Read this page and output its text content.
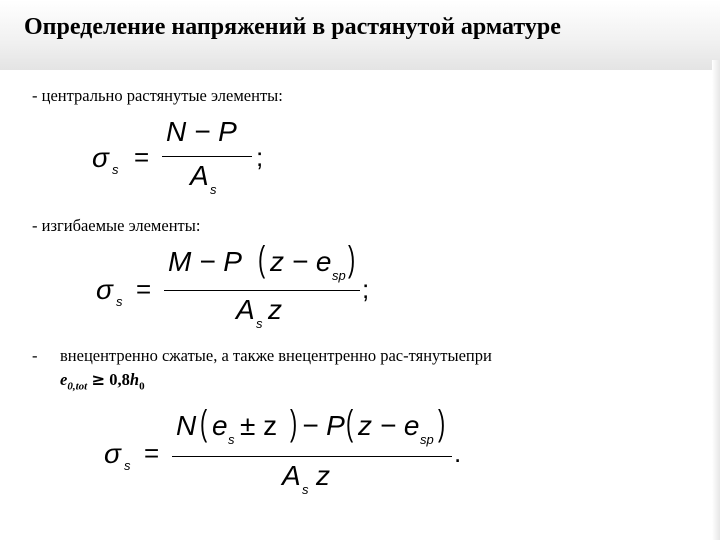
Определение напряжений в растянутой арматуре
- центрально растянутые элементы:
σ s =
N − P
A s
;
- изгибаемые элементы:
σ s =
M − P ( z − e sp )
A s z
;
- внецентренно сжатые, а также внецентренно рас-тянутыепри
$e_{0,tot} \ge 0,8h_0$
σ s =
N ( e s ± z ) − P ( z − e sp )
A s z
.
